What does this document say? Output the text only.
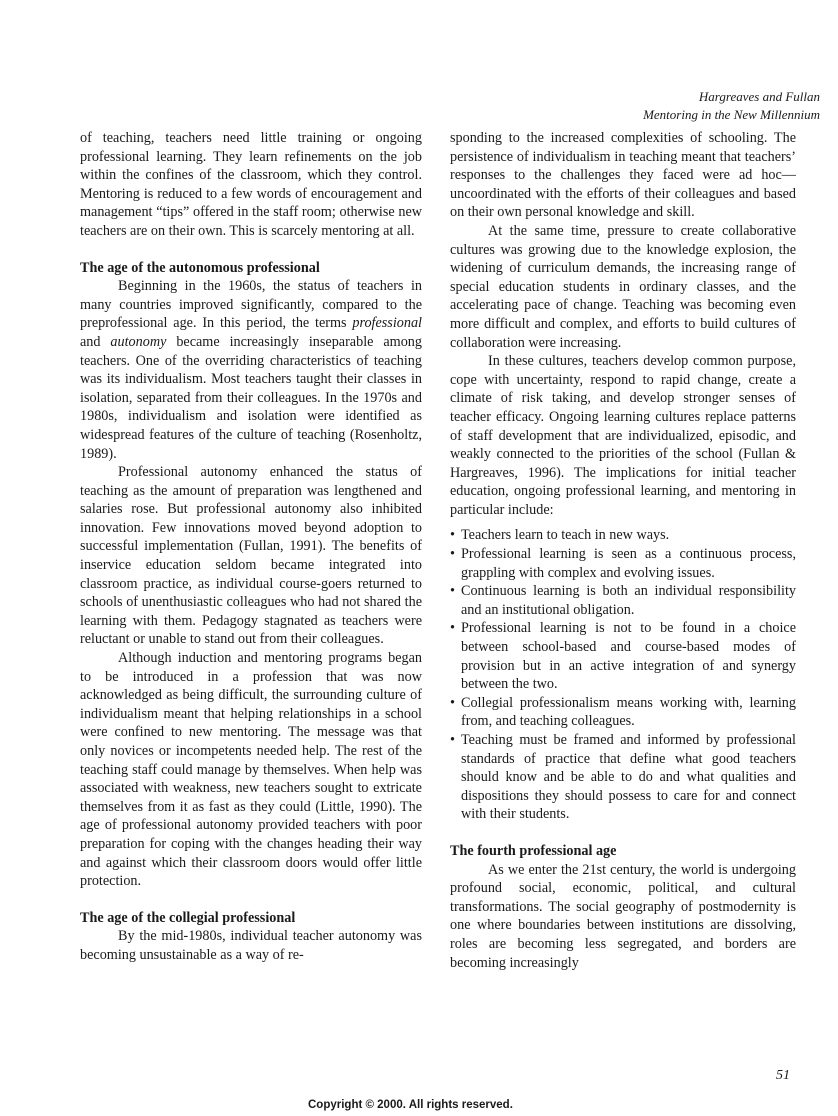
Hargreaves and Fullan
Mentoring in the New Millennium

of teaching, teachers need little training or ongoing professional learning. They learn refinements on the job within the confines of the classroom, which they control. Mentoring is reduced to a few words of encouragement and management “tips” offered in the staff room; otherwise new teachers are on their own. This is scarcely mentoring at all.

The age of the autonomous professional

Beginning in the 1960s, the status of teachers in many countries improved significantly, compared to the preprofessional age. In this period, the terms professional and autonomy became increasingly inseparable among teachers. One of the overriding characteristics of teaching was its individualism. Most teachers taught their classes in isolation, separated from their colleagues. In the 1970s and 1980s, individualism and isolation were identified as widespread features of the culture of teaching (Rosenholtz, 1989).

Professional autonomy enhanced the status of teaching as the amount of preparation was lengthened and salaries rose. But professional autonomy also inhibited innovation. Few innovations moved beyond adoption to successful implementation (Fullan, 1991). The benefits of inservice education seldom became integrated into classroom practice, as individual course-goers returned to schools of unenthusiastic colleagues who had not shared the learning with them. Pedagogy stagnated as teachers were reluctant or unable to stand out from their colleagues.

Although induction and mentoring programs began to be introduced in a profession that was now acknowledged as being difficult, the surrounding culture of individualism meant that helping relationships in a school were confined to new mentoring. The message was that only novices or incompetents needed help. The rest of the teaching staff could manage by themselves. When help was associated with weakness, new teachers sought to extricate themselves from it as fast as they could (Little, 1990). The age of professional autonomy provided teachers with poor preparation for coping with the changes heading their way and against which their classroom doors would offer little protection.

The age of the collegial professional

By the mid-1980s, individual teacher autonomy was becoming unsustainable as a way of re-

sponding to the increased complexities of schooling. The persistence of individualism in teaching meant that teachers’ responses to the challenges they faced were ad hoc—uncoordinated with the efforts of their colleagues and based on their own personal knowledge and skill.

At the same time, pressure to create collaborative cultures was growing due to the knowledge explosion, the widening of curriculum demands, the increasing range of special education students in ordinary classes, and the accelerating pace of change. Teaching was becoming even more difficult and complex, and efforts to build cultures of collaboration were increasing.

In these cultures, teachers develop common purpose, cope with uncertainty, respond to rapid change, create a climate of risk taking, and develop stronger senses of teacher efficacy. Ongoing learning cultures replace patterns of staff development that are individualized, episodic, and weakly connected to the priorities of the school (Fullan & Hargreaves, 1996). The implications for initial teacher education, ongoing professional learning, and mentoring in particular include:

• Teachers learn to teach in new ways.
• Professional learning is seen as a continuous process, grappling with complex and evolving issues.
• Continuous learning is both an individual responsibility and an institutional obligation.
• Professional learning is not to be found in a choice between school-based and course-based modes of provision but in an active integration of and synergy between the two.
• Collegial professionalism means working with, learning from, and teaching colleagues.
• Teaching must be framed and informed by professional standards of practice that define what good teachers should know and be able to do and what qualities and dispositions they should possess to care for and connect with their students.
The fourth professional age

As we enter the 21st century, the world is undergoing profound social, economic, political, and cultural transformations. The social geography of postmodernity is one where boundaries between institutions are dissolving, roles are becoming less segregated, and borders are becoming increasingly

51
Copyright © 2000. All rights reserved.
